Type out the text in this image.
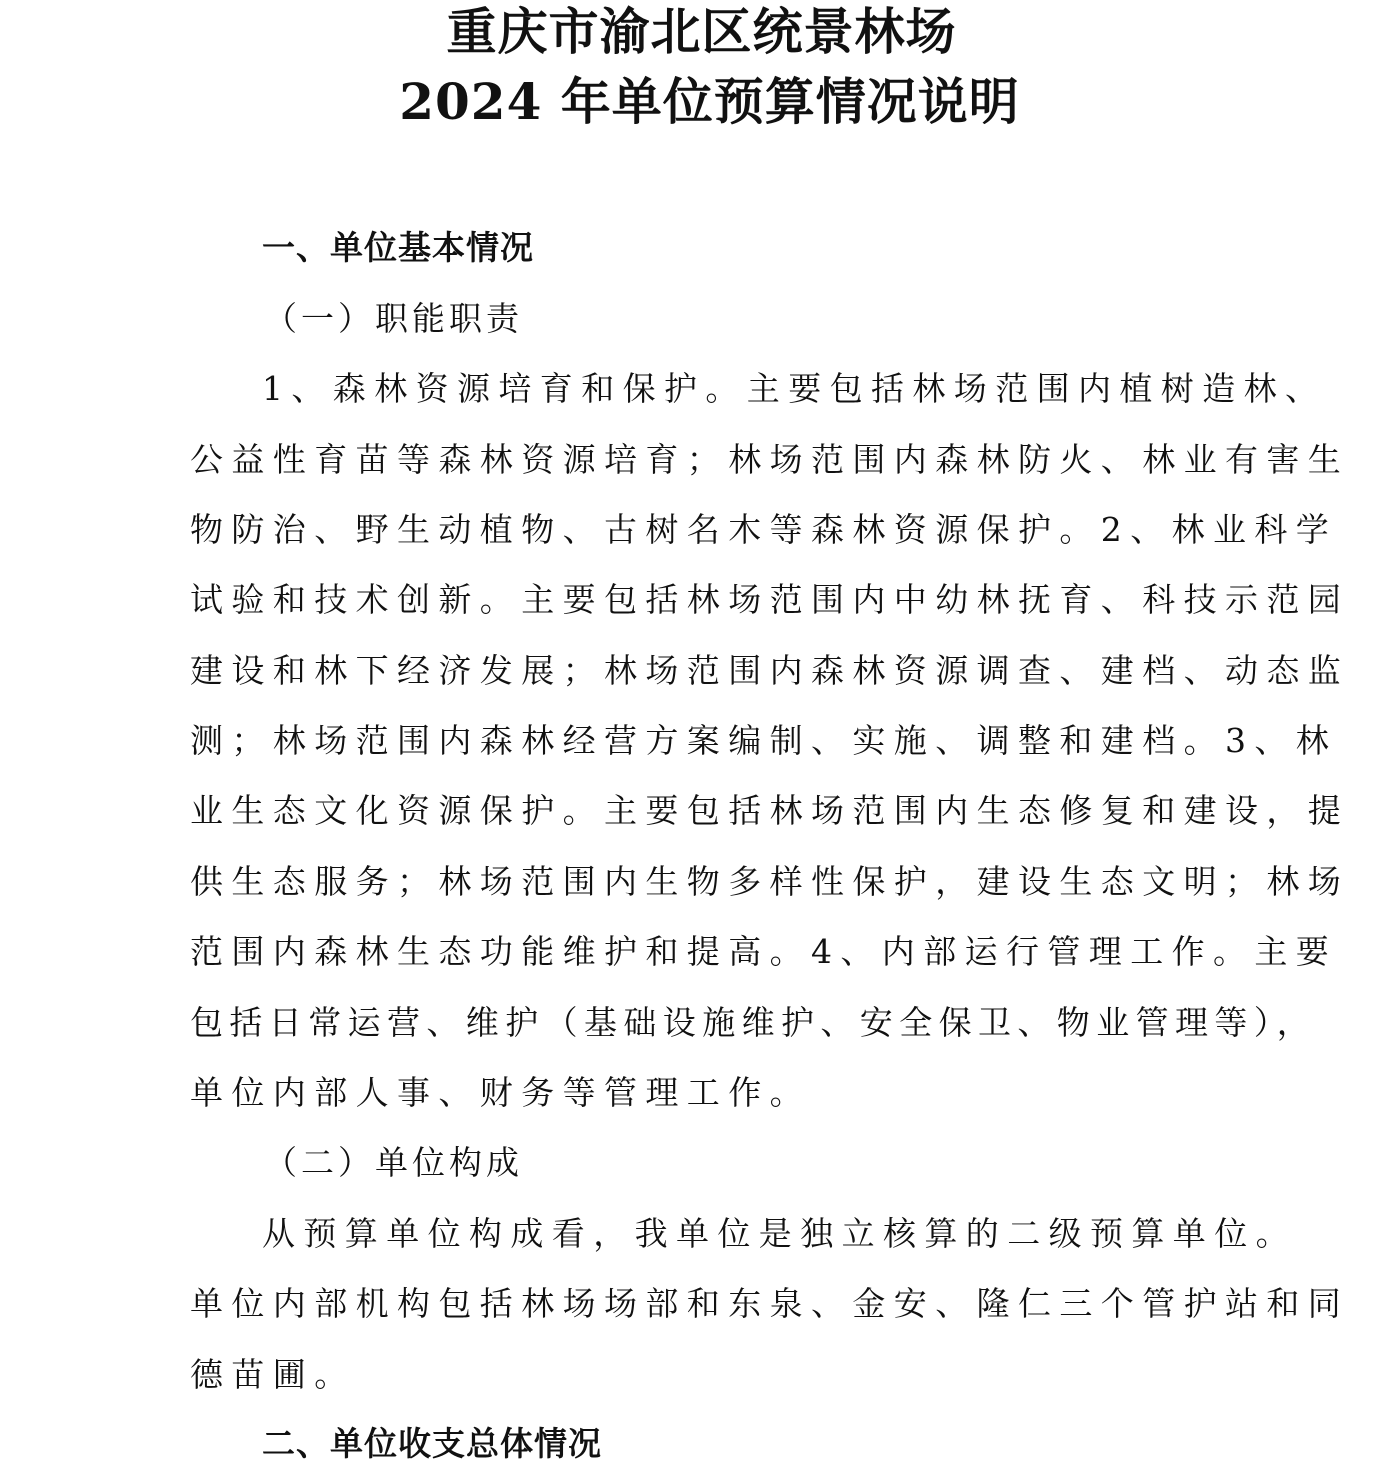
重庆市渝北区统景林场
2024 年单位预算情况说明
一、单位基本情况
（一）职能职责
1、森林资源培育和保护。主要包括林场范围内植树造林、
公益性育苗等森林资源培育；林场范围内森林防火、林业有害生
物防治、野生动植物、古树名木等森林资源保护。2、林业科学
试验和技术创新。主要包括林场范围内中幼林抚育、科技示范园
建设和林下经济发展；林场范围内森林资源调查、建档、动态监
测；林场范围内森林经营方案编制、实施、调整和建档。3、林
业生态文化资源保护。主要包括林场范围内生态修复和建设，提
供生态服务；林场范围内生物多样性保护，建设生态文明；林场
范围内森林生态功能维护和提高。4、内部运行管理工作。主要
包括日常运营、维护（基础设施维护、安全保卫、物业管理等），
单位内部人事、财务等管理工作。
（二）单位构成
从预算单位构成看，我单位是独立核算的二级预算单位。
单位内部机构包括林场场部和东泉、金安、隆仁三个管护站和同
德苗圃。
二、单位收支总体情况
